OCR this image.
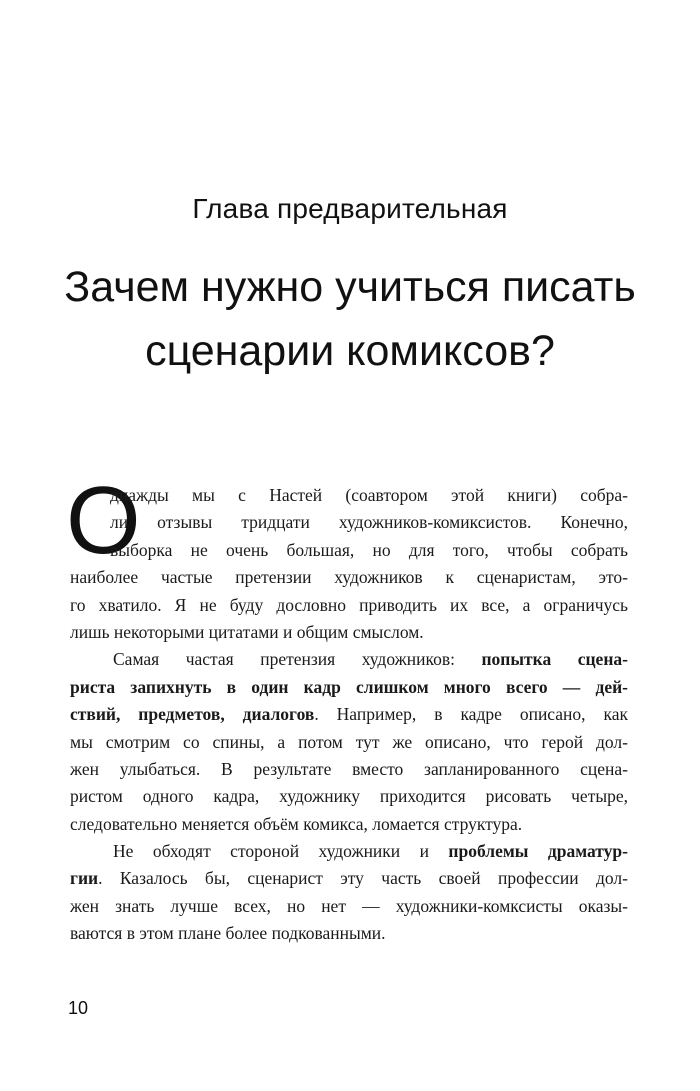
Глава предварительная
Зачем нужно учиться писать
сценарии комиксов?
О
днажды мы с Настей (соавтором этой книги) собра-
ли отзывы тридцати художников-комиксистов. Конечно,
выборка не очень большая, но для того, чтобы собрать
наиболее частые претензии художников к сценаристам, это-
го хватило. Я не буду дословно приводить их все, а ограничусь
лишь некоторыми цитатами и общим смыслом.
Самая частая претензия художников: попытка сцена-
риста запихнуть в один кадр слишком много всего — дей-
ствий, предметов, диалогов. Например, в кадре описано, как
мы смотрим со спины, а потом тут же описано, что герой дол-
жен улыбаться. В результате вместо запланированного сцена-
ристом одного кадра, художнику приходится рисовать четыре,
следовательно меняется объём комикса, ломается структура.
Не обходят стороной художники и проблемы драматур-
гии. Казалось бы, сценарист эту часть своей профессии дол-
жен знать лучше всех, но нет — художники-комксисты оказы-
ваются в этом плане более подкованными.
10
